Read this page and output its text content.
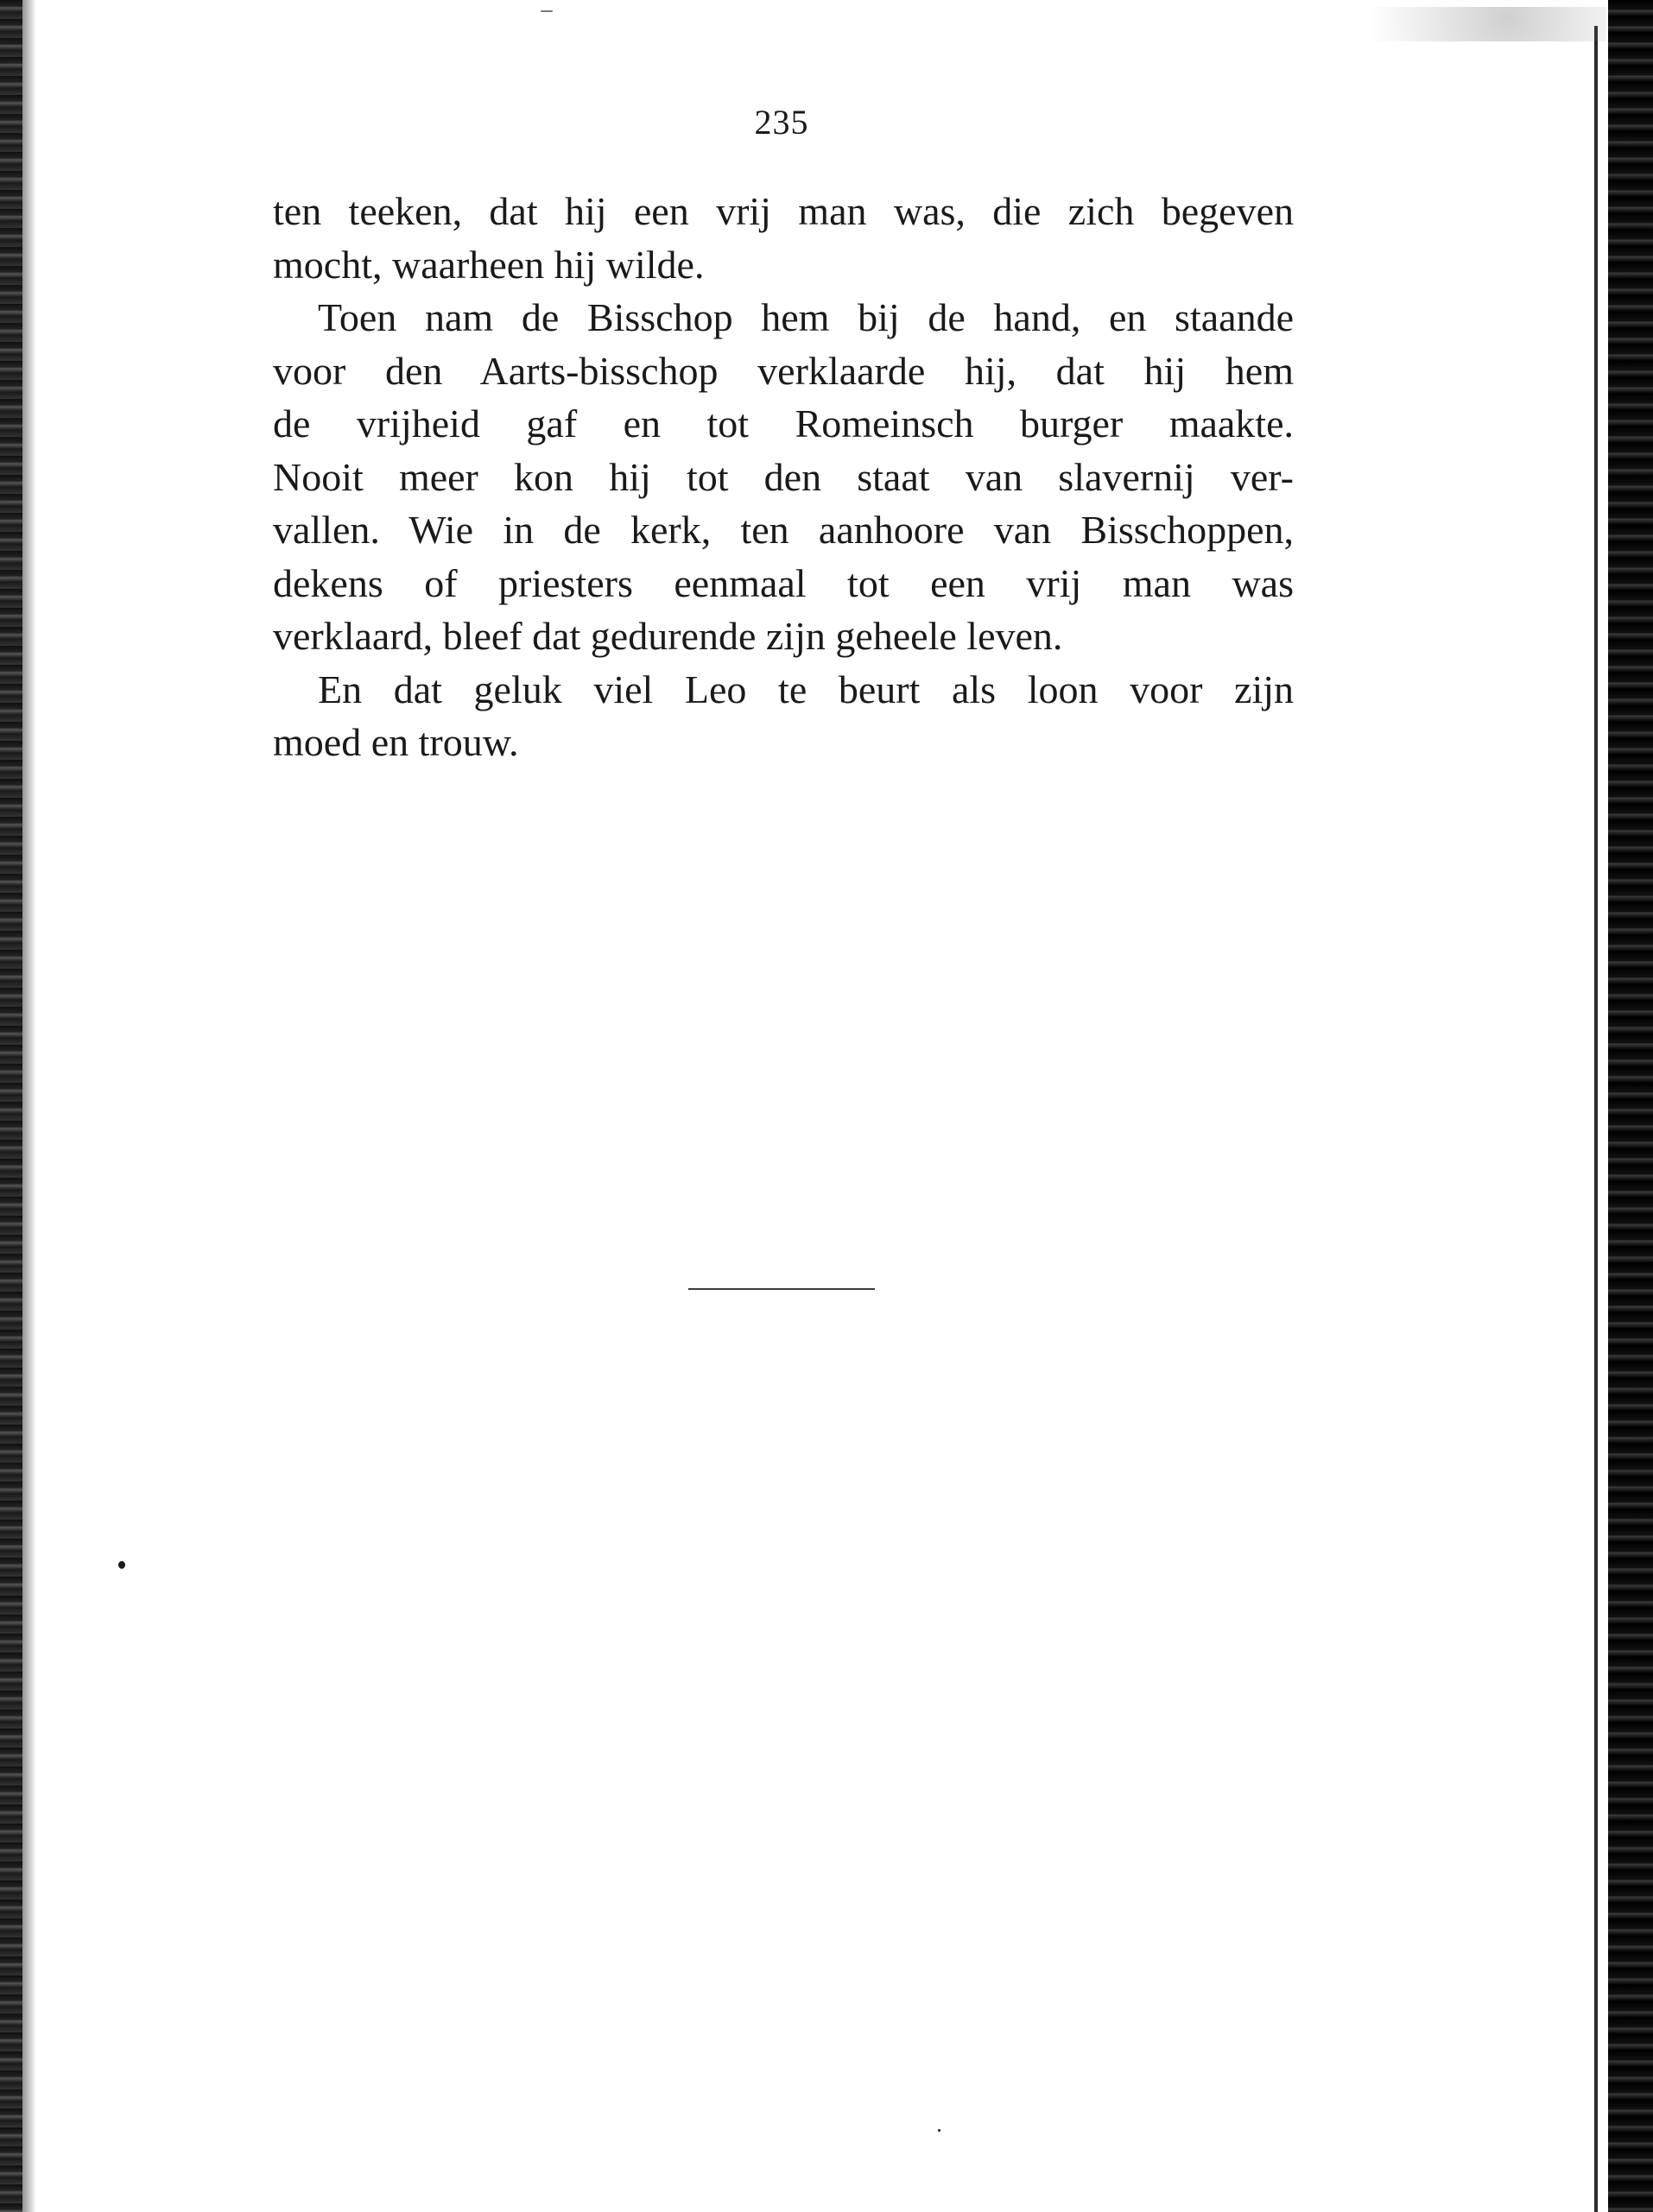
235

ten teeken, dat hij een vrij man was, die zich begeven
mocht, waarheen hij wilde.

Toen nam de Bisschop hem bij de hand, en staande
voor den Aarts-bisschop verklaarde hij, dat hij hem
de vrijheid gaf en tot Romeinsch burger maakte.
Nooit meer kon hij tot den staat van slavernij ver-
vallen. Wie in de kerk, ten aanhoore van Bisschoppen,
dekens of priesters eenmaal tot een vrij man was
verklaard, bleef dat gedurende zijn geheele leven.

En dat geluk viel Leo te beurt als loon voor zijn
moed en trouw.
